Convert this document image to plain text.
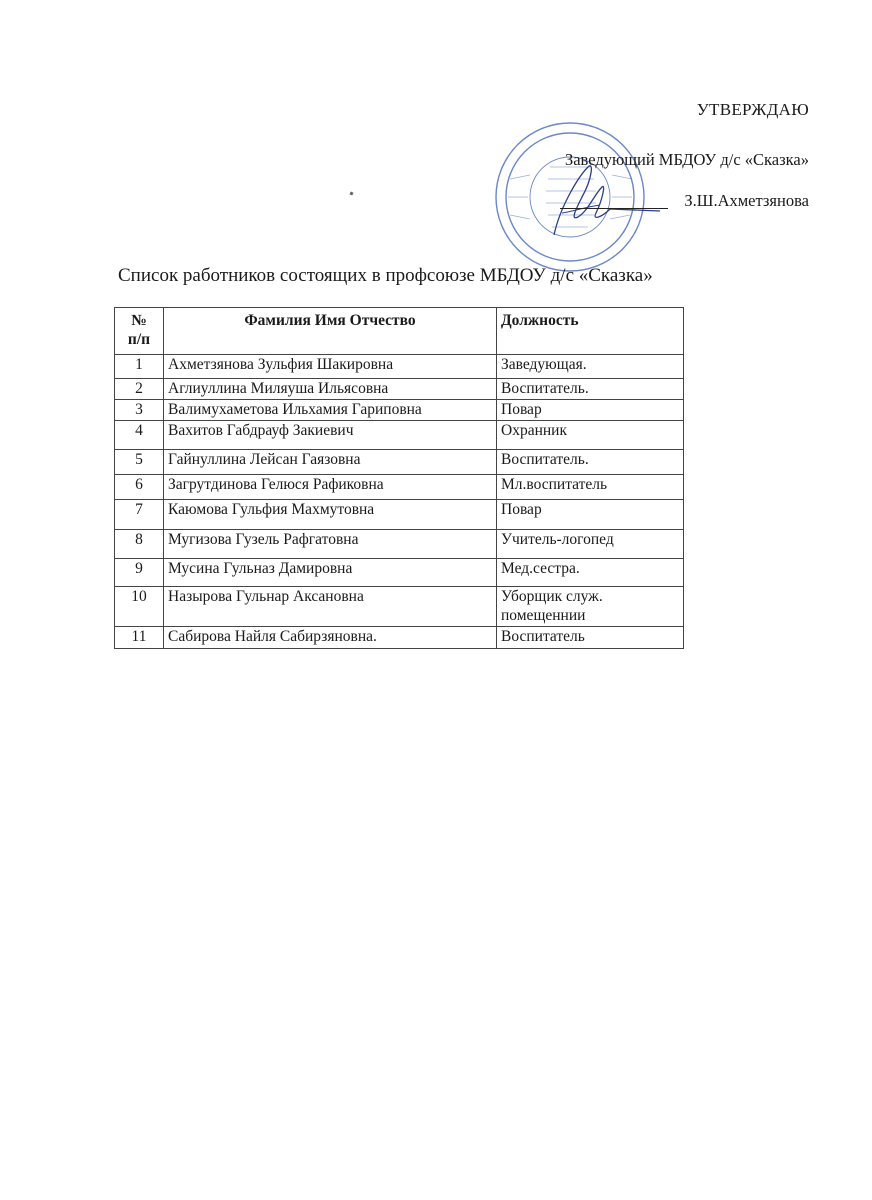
УТВЕРЖДАЮ
Заведующий МБДОУ д/с «Сказка»
З.Ш.Ахметзянова
Список работников состоящих в профсоюзе МБДОУ д/с «Сказка»
№
п/п	Фамилия Имя Отчество	Должность

1	Ахметзянова Зульфия Шакировна	Заведующая.
2	Аглиуллина Миляуша Ильясовна	Воспитатель.
3	Валимухаметова Ильхамия Гариповна	Повар
4	Вахитов Габдрауф Закиевич	Охранник
5	Гайнуллина Лейсан Гаязовна	Воспитатель.
6	Загрутдинова Гелюся Рафиковна	Мл.воспитатель
7	Каюмова Гульфия Махмутовна	Повар
8	Мугизова Гузель Рафгатовна	Учитель-логопед
9	Мусина Гульназ Дамировна	Мед.сестра.
10	Назырова Гульнар Аксановна	Уборщик служ. помещеннии
11	Сабирова Найля Сабирзяновна.	Воспитатель
